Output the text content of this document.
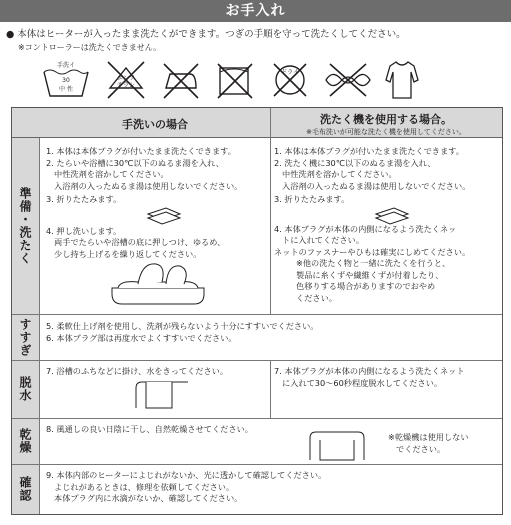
お手入れ
● 本体はヒーターが入ったまま洗たくができます。つぎの手順を守って洗たくしてください。
※コントローラーは洗たくできません。
手洗イ
30
中 性
エンソ
サラシ
ドライ
手洗いの場合	洗たく機を使用する場合。
※毛布洗いが可能な洗たく機を使用してください。
準備・洗たく
すすぎ
脱水
乾燥
確認

1. 本体は本体プラグが付いたまま洗たくできます。

2. たらいや浴槽に30℃以下のぬるま湯を入れ、

中性洗剤を溶かしてください。

入浴剤の入ったぬるま湯は使用しないでください。

3. 折りたたみます。

4. 押し洗いします。

両手でたらいや浴槽の底に押しつけ、ゆるめ、

少し持ち上げるを繰り返してください。

1. 本体は本体プラグが付いたまま洗たくできます。

2. 洗たく機に30℃以下のぬるま湯を入れ、

中性洗剤を溶かしてください。

入浴剤の入ったぬるま湯は使用しないでください。

3. 折りたたみます。

4. 本体プラグが本体の内側になるよう洗たくネッ

トに入れてください。

ネットのファスナーやひもは確実にしめてください。

※他の洗たく物と一緒に洗たくを行うと、

製品に糸くずや繊維くずが付着したり、

色移りする場合がありますのでおやめ

ください。

5. 柔軟仕上げ剤を使用し、洗剤が残らないよう十分にすすいでください。

6. 本体プラグ部は再度水でよくすすいでください。

7. 浴槽のふちなどに掛け、水をきってください。	7. 本体プラグが本体の内側になるよう洗たくネット

に入れて30〜60秒程度脱水してください。

8. 風通しの良い日陰に干し、自然乾燥させてください。

※乾燥機は使用しない

でください。

9. 本体内部のヒーターによじれがないか、光に透かして確認してください。

よじれがあるときは、修理を依頼してください。

本体プラグ内に水滴がないか、確認してください。
